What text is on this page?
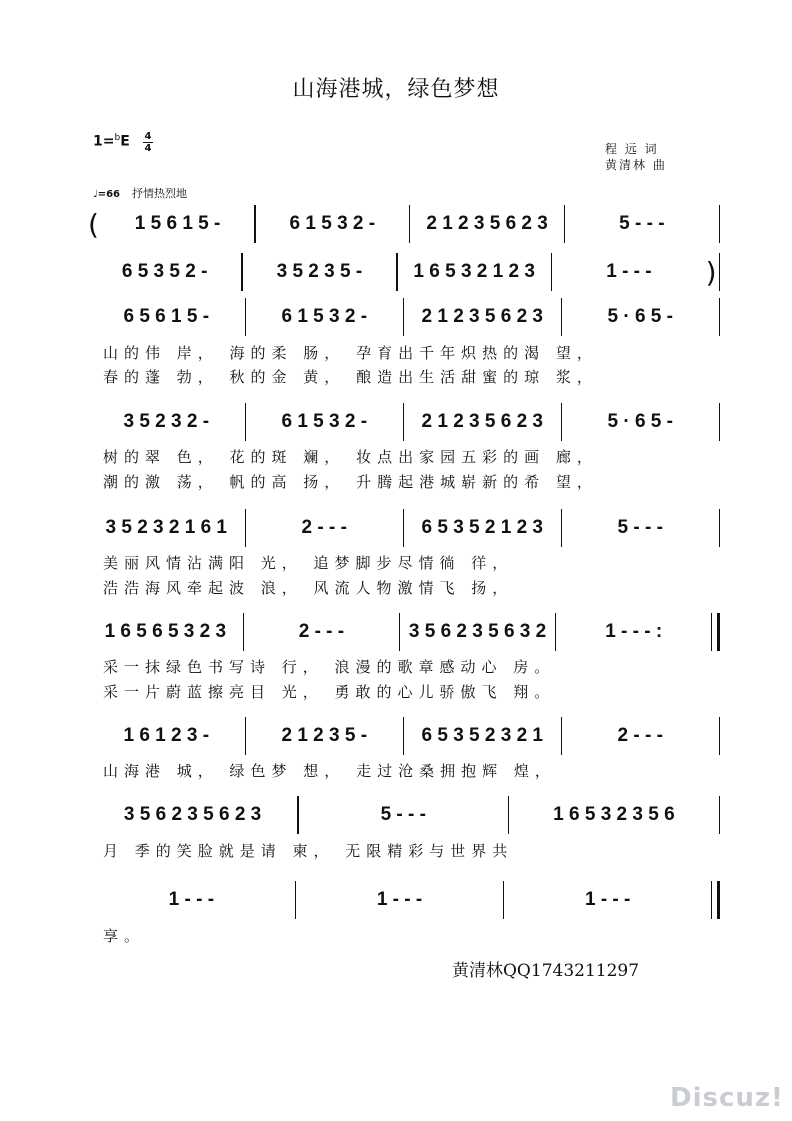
山海港城，绿色梦想
1=$^b$E 4
4	程 远 词
黄清林 曲
♩=66 抒情热烈地
(	1 5 6 1 5 -	6 1 5 3 2 -	2 1 2 3 5 6 2 3	5 - - -
6 5 3 5 2 -	3 5 2 3 5 -	1 6 5 3 2 1 2 3	1 - - -	)
6 5 6 1 5 -	6 1 5 3 2 -	2 1 2 3 5 6 2 3	5 · 6 5 -
3 5 2 3 2 -	6 1 5 3 2 -	2 1 2 3 5 6 2 3	5 · 6 5 -
3 5 2 3 2 1 6 1	2 - - -	6 5 3 5 2 1 2 3	5 - - -
1 6 5 6 5 3 2 3	2 - - -	3 5 6 2 3 5 6 3 2	1 - - - :
1 6 1 2 3 -	2 1 2 3 5 -	6 5 3 5 2 3 2 1	2 - - -
3 5 6 2 3 5 6 2 3	5 - - -	1 6 5 3 2 3 5 6
1 - - -	1 - - -	1 - - -
山的伟 岸， 海的柔 肠， 孕育出千年炽热的渴 望，
春的蓬 勃， 秋的金 黄， 酿造出生活甜蜜的琼 浆，
树的翠 色， 花的斑 斓， 妆点出家园五彩的画 廊，
潮的激 荡， 帆的高 扬， 升腾起港城崭新的希 望，
美丽风情沾满阳 光， 追梦脚步尽情徜 徉，
浩浩海风牵起波 浪， 风流人物激情飞 扬，
采一抹绿色书写诗 行， 浪漫的歌章感动心 房。
采一片蔚蓝擦亮目 光， 勇敢的心儿骄傲飞 翔。
山海港 城， 绿色梦 想， 走过沧桑拥抱辉 煌，
月 季的笑脸就是请 柬， 无限精彩与世界共
享。
黄清林QQ1743211297
Discuz!
